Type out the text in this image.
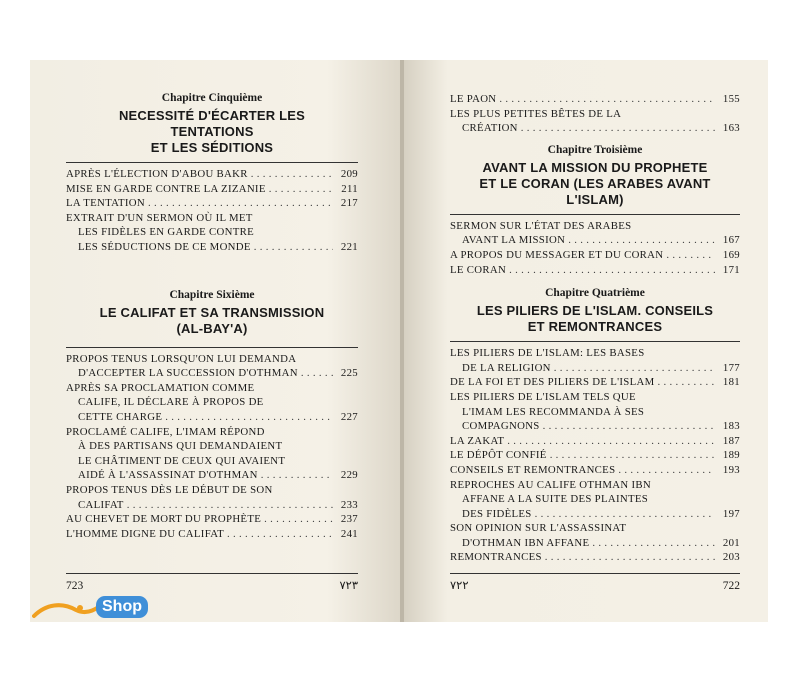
Chapitre Cinquième
NECESSITÉ D'ÉCARTER LES
TENTATIONS
ET LES SÉDITIONS
APRÈS L'ÉLECTION D'ABOU BAKR . . .	209
MISE EN GARDE CONTRE LA ZIZANIE . . .	211
LA TENTATION . . .	217
EXTRAIT D'UN SERMON OÙ IL MET
LES FIDÈLES EN GARDE CONTRE
LES SÉDUCTIONS DE CE MONDE . . .	221
Chapitre Sixième
LE CALIFAT ET SA TRANSMISSION
(AL-BAY'A)
PROPOS TENUS LORSQU'ON LUI DEMANDA
D'ACCEPTER LA SUCCESSION D'OTHMAN . . .	225
APRÈS SA PROCLAMATION COMME
CALIFE, IL DÉCLARE À PROPOS DE
CETTE CHARGE . . .	227
PROCLAMÉ CALIFE, L'IMAM RÉPOND
À DES PARTISANS QUI DEMANDAIENT
LE CHÂTIMENT DE CEUX QUI AVAIENT
AIDÉ À L'ASSASSINAT D'OTHMAN . . .	229
PROPOS TENUS DÈS LE DÉBUT DE SON
CALIFAT . . .	233
AU CHEVET DE MORT DU PROPHÈTE . . .	237
L'HOMME DIGNE DU CALIFAT . . .	241
723	٧٢٣
LE PAON . . .	155
LES PLUS PETITES BÊTES DE LA
CRÉATION . . .	163
Chapitre Troisième
AVANT LA MISSION DU PROPHETE
ET LE CORAN (LES ARABES AVANT L'ISLAM)
SERMON SUR L'ÉTAT DES ARABES
AVANT LA MISSION . . .	167
A PROPOS DU MESSAGER ET DU CORAN . . .	169
LE CORAN . . .	171
Chapitre Quatrième
LES PILIERS DE L'ISLAM. CONSEILS
ET REMONTRANCES
LES PILIERS DE L'ISLAM: LES BASES
DE LA RELIGION . . .	177
DE LA FOI ET DES PILIERS DE L'ISLAM . . .	181
LES PILIERS DE L'ISLAM TELS QUE
L'IMAM LES RECOMMANDA À SES
COMPAGNONS . . .	183
LA ZAKAT . . .	187
LE DÉPÔT CONFIÉ . . .	189
CONSEILS ET REMONTRANCES . . .	193
REPROCHES AU CALIFE OTHMAN IBN
AFFANE A LA SUITE DES PLAINTES
DES FIDÈLES . . .	197
SON OPINION SUR L'ASSASSINAT
D'OTHMAN IBN AFFANE . . .	201
REMONTRANCES . . .	203
٧٢٢	722
Shop
